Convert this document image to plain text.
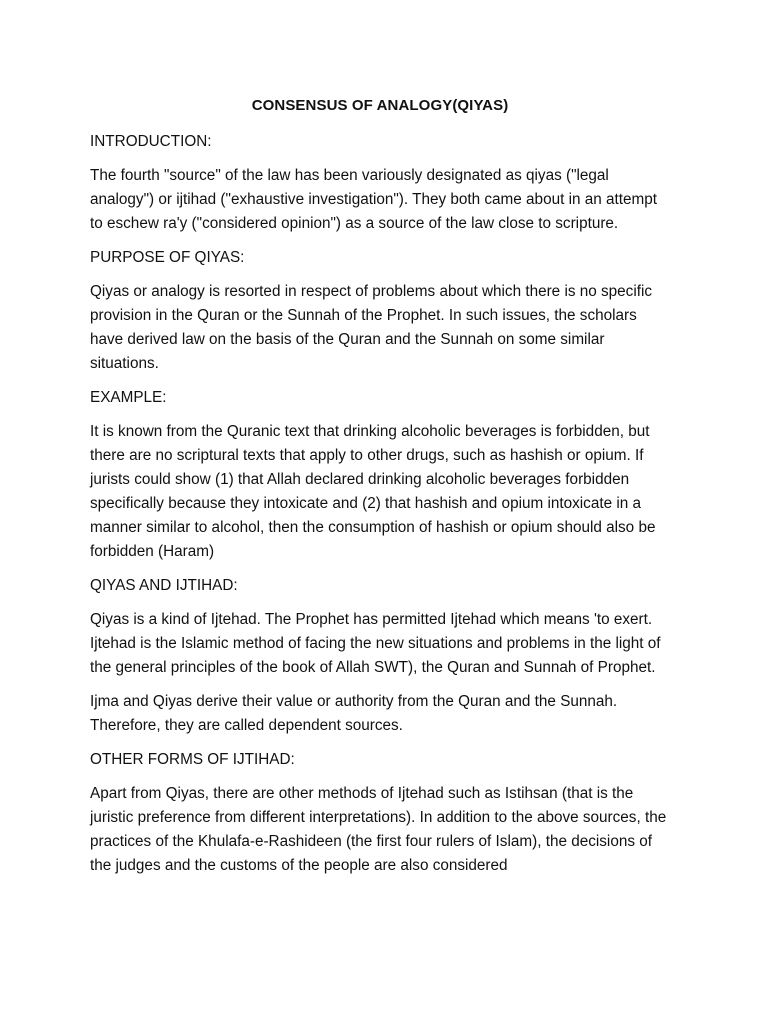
CONSENSUS OF ANALOGY(QIYAS)
INTRODUCTION:
The fourth "source" of the law has been variously designated as qiyas ("legal analogy") or ijtihad ("exhaustive investigation"). They both came about in an attempt to eschew ra'y ("considered opinion") as a source of the law close to scripture.
PURPOSE OF QIYAS:
Qiyas or analogy is resorted in respect of problems about which there is no specific provision in the Quran or the Sunnah of the Prophet. In such issues, the scholars have derived law on the basis of the Quran and the Sunnah on some similar situations.
EXAMPLE:
It is known from the Quranic text that drinking alcoholic beverages is forbidden, but there are no scriptural texts that apply to other drugs, such as hashish or opium. If jurists could show (1) that Allah declared drinking alcoholic beverages forbidden specifically because they intoxicate and (2) that hashish and opium intoxicate in a manner similar to alcohol, then the consumption of hashish or opium should also be forbidden (Haram)
QIYAS AND IJTIHAD:
Qiyas is a kind of Ijtehad. The Prophet has permitted Ijtehad which means 'to exert. Ijtehad is the Islamic method of facing the new situations and problems in the light of the general principles of the book of Allah SWT), the Quran and Sunnah of Prophet.
Ijma and Qiyas derive their value or authority from the Quran and the Sunnah. Therefore, they are called dependent sources.
OTHER FORMS OF IJTIHAD:
Apart from Qiyas, there are other methods of Ijtehad such as Istihsan (that is the juristic preference from different interpretations). In addition to the above sources, the practices of the Khulafa-e-Rashideen (the first four rulers of Islam), the decisions of the judges and the customs of the people are also considered
